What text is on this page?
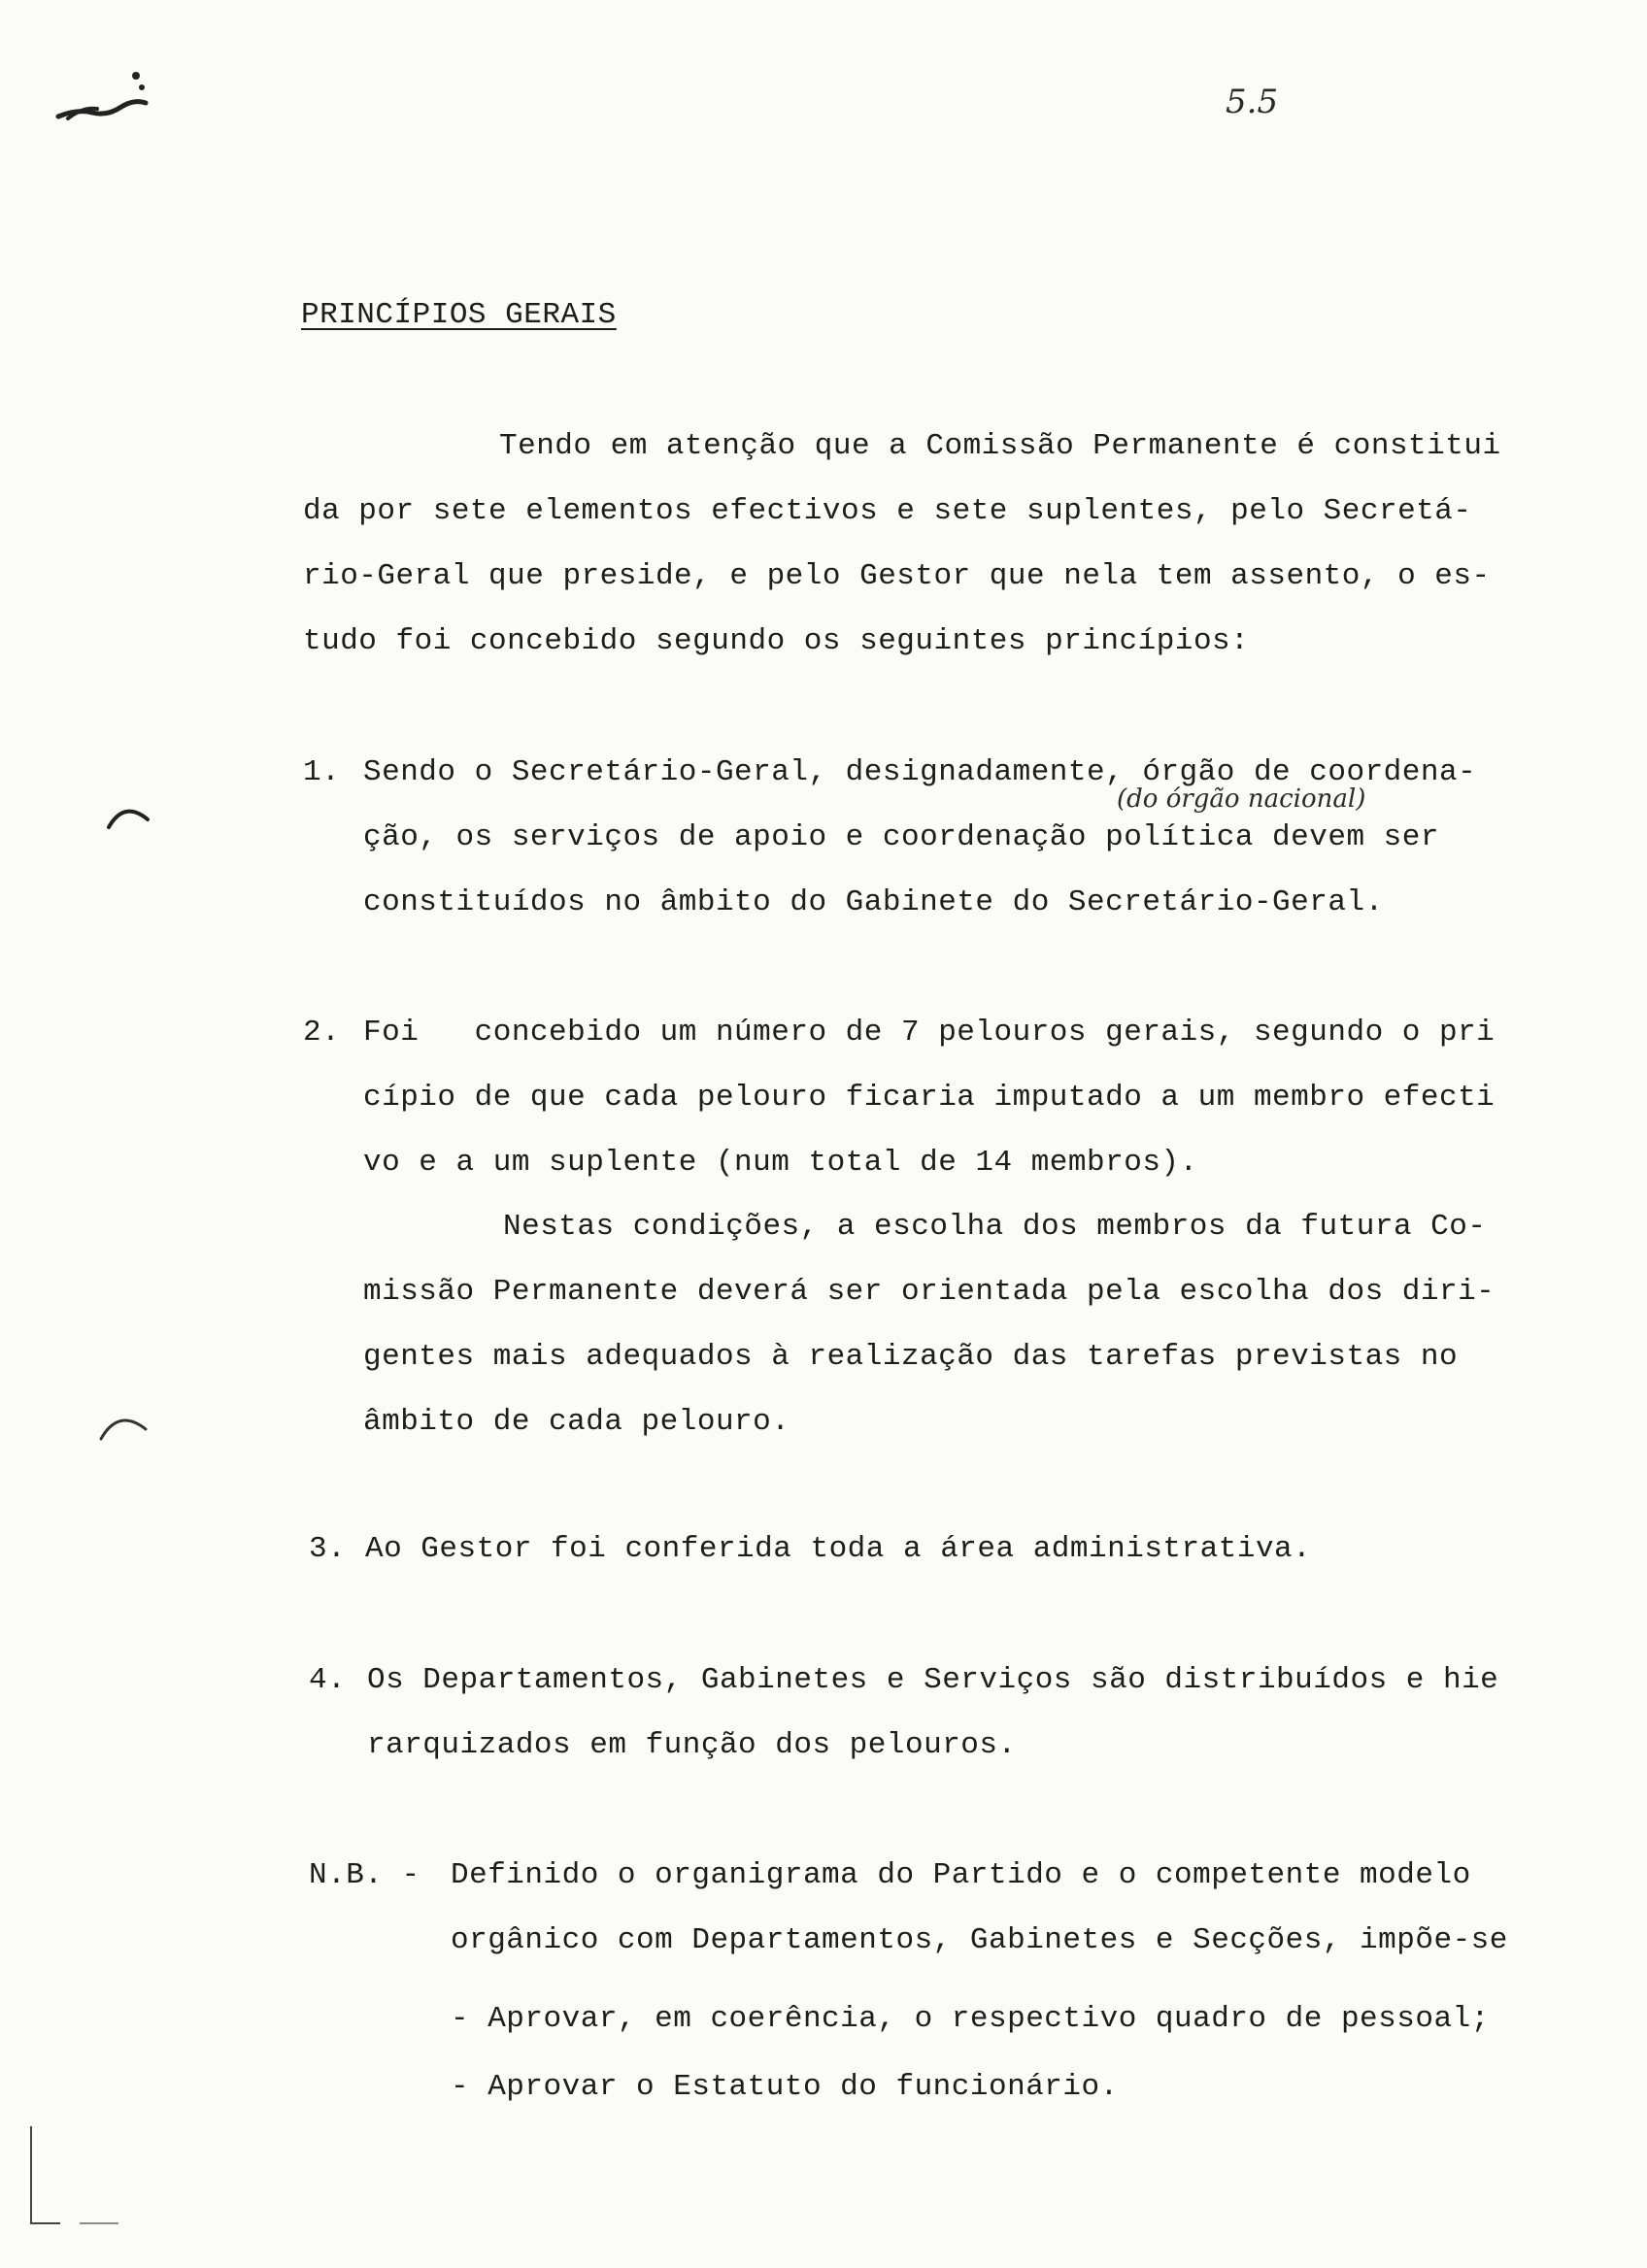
5.5
PRINCÍPIOS GERAIS
Tendo em atenção que a Comissão Permanente é constitui
da por sete elementos efectivos e sete suplentes, pelo Secretá-
rio-Geral que preside, e pelo Gestor que nela tem assento, o es-
tudo foi concebido segundo os seguintes princípios:
1. Sendo o Secretário-Geral, designadamente, órgão de coordena-
(do órgão nacional)
ção, os serviços de apoio e coordenação política devem ser
constituídos no âmbito do Gabinete do Secretário-Geral.
2. Foi   concebido um número de 7 pelouros gerais, segundo o pri
cípio de que cada pelouro ficaria imputado a um membro efecti
vo e a um suplente (num total de 14 membros).
Nestas condições, a escolha dos membros da futura Co-
missão Permanente deverá ser orientada pela escolha dos diri-
gentes mais adequados à realização das tarefas previstas no
âmbito de cada pelouro.
3. Ao Gestor foi conferida toda a área administrativa.
4. Os Departamentos, Gabinetes e Serviços são distribuídos e hie
rarquizados em função dos pelouros.
N.B. - Definido o organigrama do Partido e o competente modelo
orgânico com Departamentos, Gabinetes e Secções, impõe-se
- Aprovar, em coerência, o respectivo quadro de pessoal;
- Aprovar o Estatuto do funcionário.
